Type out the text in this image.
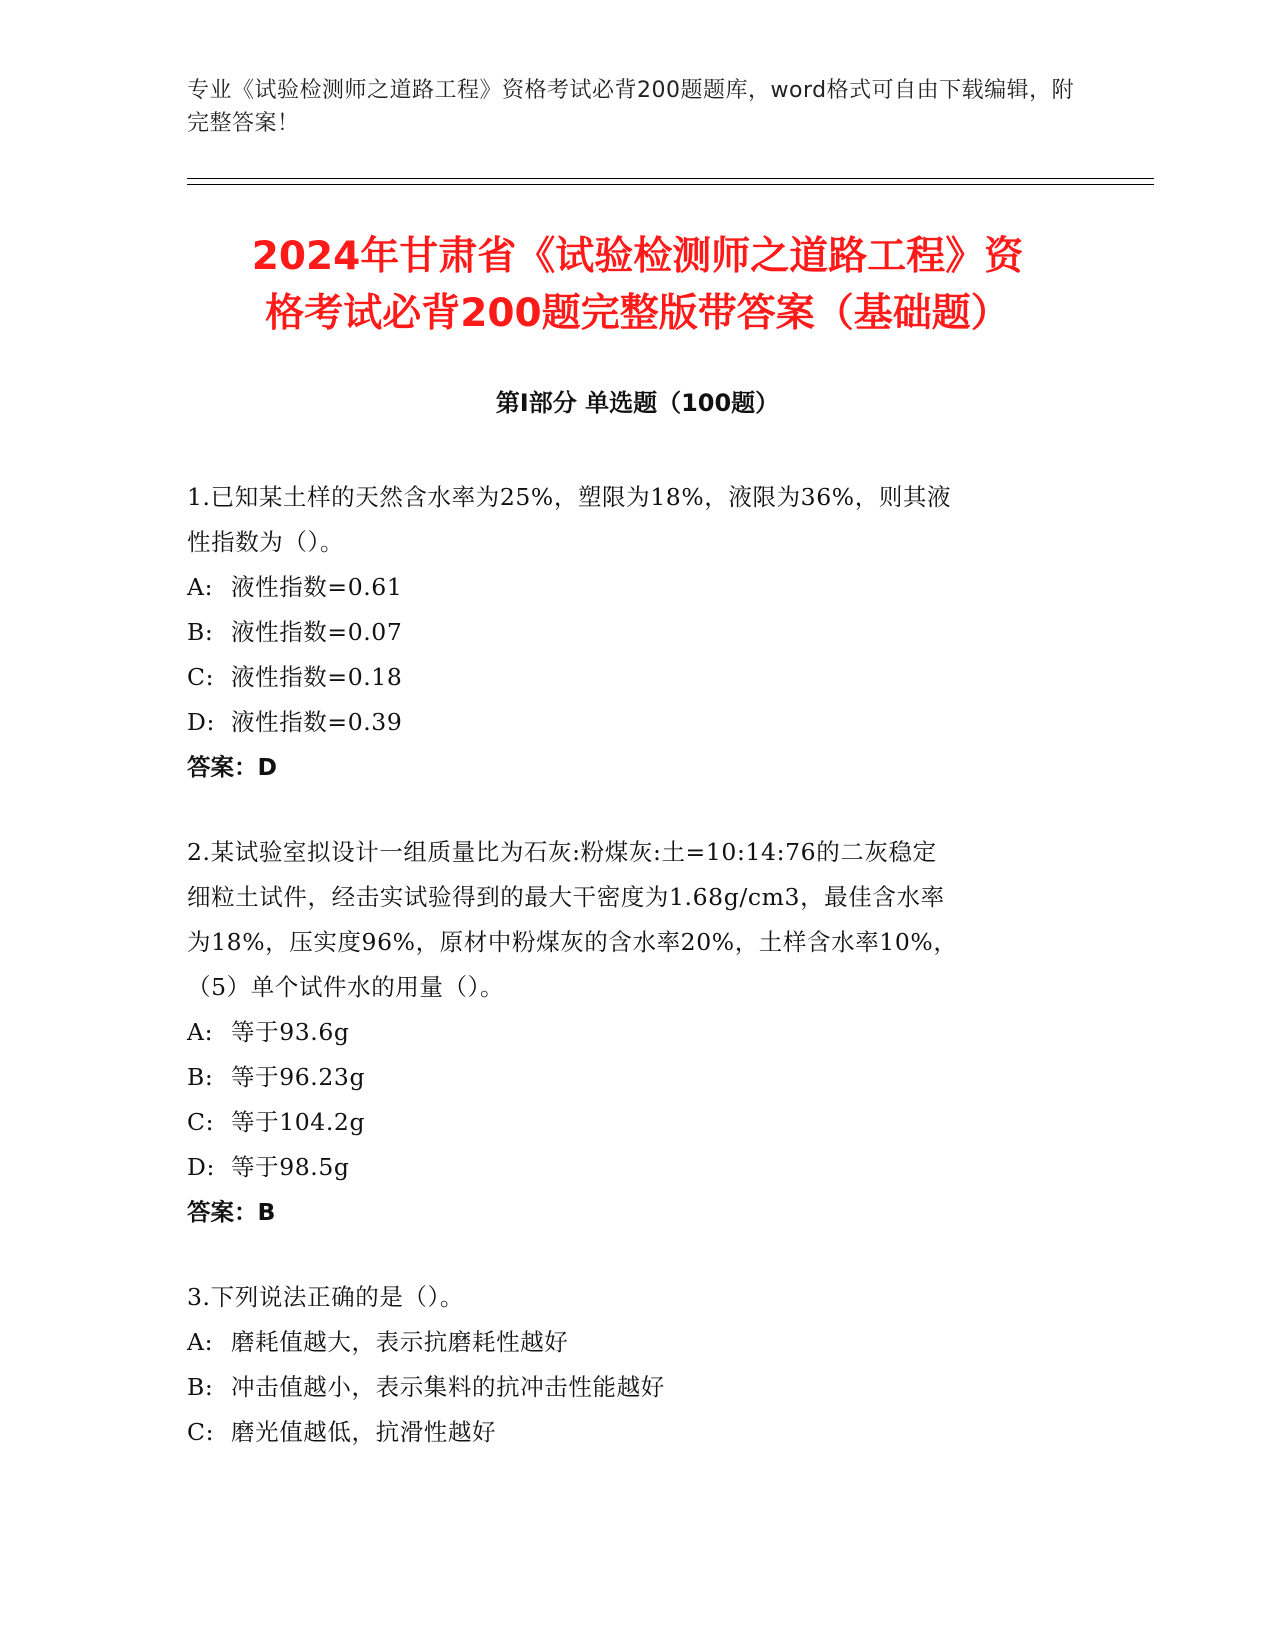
专业《试验检测师之道路工程》资格考试必背200题题库，word格式可自由下载编辑，附完整答案！
2024年甘肃省《试验检测师之道路工程》资
格考试必背200题完整版带答案（基础题）
第I部分 单选题（100题）
1.已知某土样的天然含水率为25%，塑限为18%，液限为36%，则其液
性指数为（）。
A: 液性指数=0.61
B: 液性指数=0.07
C: 液性指数=0.18
D: 液性指数=0.39
答案：D
2.某试验室拟设计一组质量比为石灰:粉煤灰:土=10:14:76的二灰稳定
细粒土试件，经击实试验得到的最大干密度为1.68g/cm3，最佳含水率
为18%，压实度96%，原材中粉煤灰的含水率20%，土样含水率10%，
（5）单个试件水的用量（）。
A: 等于93.6g
B: 等于96.23g
C: 等于104.2g
D: 等于98.5g
答案：B
3.下列说法正确的是（）。
A: 磨耗值越大，表示抗磨耗性越好
B: 冲击值越小，表示集料的抗冲击性能越好
C: 磨光值越低，抗滑性越好
